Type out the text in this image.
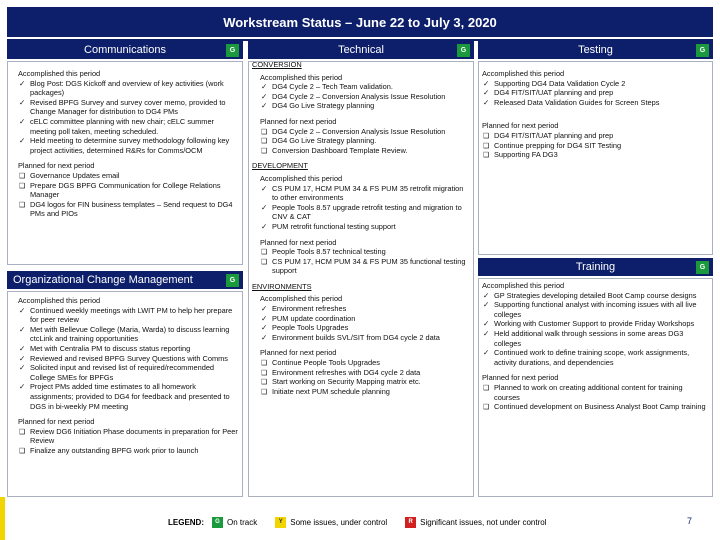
Workstream Status – June 22 to July 3, 2020
Communications	G
Accomplished this period
✓ Blog Post: DGS Kickoff and overview of key activities (work packages)
✓ Revised BPFG Survey and survey cover memo, provided to Change Manager for distribution to DG4 PMs
✓ cELC committee planning with new chair; cELC summer meeting poll taken, meeting scheduled.
✓ Held meeting to determine survey methodology following key project activities, determined R&Rs for Comms/OCM
Planned for next period
❑ Governance Updates email
❑ Prepare DGS BPFG Communication for College Relations Manager
❑ DG4 logos for FIN business templates – Send request to DG4 PMs and PIOs
Organizational Change Management	G
Accomplished this period
✓ Continued weekly meetings with LWIT PM to help her prepare for peer review
✓ Met with Bellevue College (Maria, Warda) to discuss learning ctcLink and training opportunities
✓ Met with Centralia PM to discuss status reporting
✓ Reviewed and revised BPFG Survey Questions with Comms
✓ Solicited input and revised list of required/recommended College SMEs for BPFGs
✓ Project PMs added time estimates to all homework assignments; provided to DG4 for feedback and presented to DGS in bi-weekly PM meeting
Planned for next period
❑ Review DG6 Initiation Phase documents in preparation for Peer Review
❑ Finalize any outstanding BPFG work prior to launch
Technical	G
CONVERSION
Accomplished this period
✓ DG4 Cycle 2 – Tech Team validation.
✓ DG4 Cycle 2 – Conversion Analysis Issue Resolution
✓ DG4 Go Live Strategy planning
Planned for next period
❑ DG4 Cycle 2 – Conversion Analysis Issue Resolution
❑ DG4 Go Live Strategy planning.
❑ Conversion Dashboard Template Review.
DEVELOPMENT
Accomplished this period
✓ CS PUM 17, HCM PUM 34 & FS PUM 35 retrofit migration to other environments
✓ People Tools 8.57 upgrade retrofit testing and migration to CNV & CAT
✓ PUM retrofit functional testing support
Planned for next period
❑ People Tools 8.57 technical testing
❑ CS PUM 17, HCM PUM 34 & FS PUM 35 functional testing support
ENVIRONMENTS
Accomplished this period
✓ Environment refreshes
✓ PUM update coordination
✓ People Tools Upgrades
✓ Environment builds SVL/SIT from DG4 cycle 2 data
Planned for next period
❑ Continue People Tools Upgrades
❑ Environment refreshes with DG4 cycle 2 data
❑ Start working on Security Mapping matrix etc.
❑ Initiate next PUM schedule planning
Testing	G
Accomplished this period
✓ Supporting DG4 Data Validation Cycle 2
✓ DG4 FIT/SIT/UAT planning and prep
✓ Released Data Validation Guides for Screen Steps
Planned for next period
❑ DG4 FIT/SIT/UAT planning and prep
❑ Continue prepping for DG4 SIT Testing
❑ Supporting FA DG3
Training	G
Accomplished this period
✓ GP Strategies developing detailed Boot Camp course designs
✓ Supporting functional analyst with incoming issues with all live colleges
✓ Working with Customer Support to provide Friday Workshops
✓ Held additional walk through sessions in some areas DG3 colleges
✓ Continued work to define training scope, work assignments, activity durations, and dependencies
Planned for next period
❑ Planned to work on creating additional content for training courses
❑ Continued development on Business Analyst Boot Camp training
LEGEND:	G On track	Y Some issues, under control	R Significant issues, not under control	7
